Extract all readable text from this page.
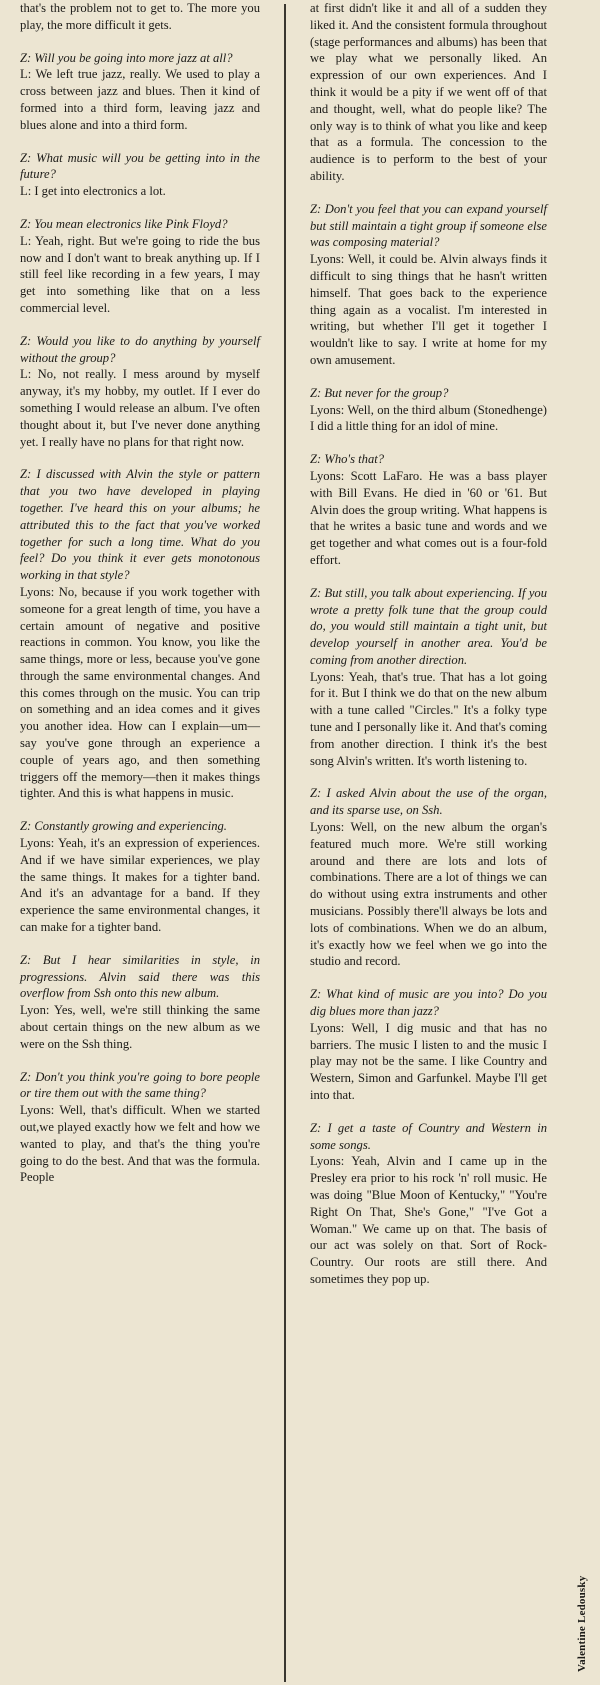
that's the problem not to get to. The more you play, the more difficult it gets.

Z: Will you be going into more jazz at all?

L: We left true jazz, really. We used to play a cross between jazz and blues. Then it kind of formed into a third form, leaving jazz and blues alone and into a third form.

Z: What music will you be getting into in the future?

L: I get into electronics a lot.

Z: You mean electronics like Pink Floyd?

L: Yeah, right. But we're going to ride the bus now and I don't want to break anything up. If I still feel like recording in a few years, I may get into something like that on a less commercial level.

Z: Would you like to do anything by yourself without the group?

L: No, not really. I mess around by myself anyway, it's my hobby, my outlet. If I ever do something I would release an album. I've often thought about it, but I've never done anything yet. I really have no plans for that right now.

Z: I discussed with Alvin the style or pattern that you two have developed in playing together. I've heard this on your albums; he attributed this to the fact that you've worked together for such a long time. What do you feel? Do you think it ever gets monotonous working in that style?

Lyons: No, because if you work together with someone for a great length of time, you have a certain amount of negative and positive reactions in common. You know, you like the same things, more or less, because you've gone through the same environmental changes. And this comes through on the music. You can trip on something and an idea comes and it gives you another idea. How can I explain—um—say you've gone through an experience a couple of years ago, and then something triggers off the memory—then it makes things tighter. And this is what happens in music.

Z: Constantly growing and experiencing.

Lyons: Yeah, it's an expression of experiences. And if we have similar experiences, we play the same things. It makes for a tighter band. And it's an advantage for a band. If they experience the same environmental changes, it can make for a tighter band.

Z: But I hear similarities in style, in progressions. Alvin said there was this overflow from Ssh onto this new album.

Lyon: Yes, well, we're still thinking the same about certain things on the new album as we were on the Ssh thing.

Z: Don't you think you're going to bore people or tire them out with the same thing?

Lyons: Well, that's difficult. When we started out,we played exactly how we felt and how we wanted to play, and that's the thing you're going to do the best. And that was the formula. People

at first didn't like it and all of a sudden they liked it. And the consistent formula throughout (stage performances and albums) has been that we play what we personally liked. An expression of our own experiences. And I think it would be a pity if we went off of that and thought, well, what do people like? The only way is to think of what you like and keep that as a formula. The concession to the audience is to perform to the best of your ability.

Z: Don't you feel that you can expand yourself but still maintain a tight group if someone else was composing material?

Lyons: Well, it could be. Alvin always finds it difficult to sing things that he hasn't written himself. That goes back to the experience thing again as a vocalist. I'm interested in writing, but whether I'll get it together I wouldn't like to say. I write at home for my own amusement.

Z: But never for the group?

Lyons: Well, on the third album (Stonedhenge) I did a little thing for an idol of mine.

Z: Who's that?

Lyons: Scott LaFaro. He was a bass player with Bill Evans. He died in '60 or '61. But Alvin does the group writing. What happens is that he writes a basic tune and words and we get together and what comes out is a four-fold effort.

Z: But still, you talk about experiencing. If you wrote a pretty folk tune that the group could do, you would still maintain a tight unit, but develop yourself in another area. You'd be coming from another direction.

Lyons: Yeah, that's true. That has a lot going for it. But I think we do that on the new album with a tune called "Circles." It's a folky type tune and I personally like it. And that's coming from another direction. I think it's the best song Alvin's written. It's worth listening to.

Z: I asked Alvin about the use of the organ, and its sparse use, on Ssh.

Lyons: Well, on the new album the organ's featured much more. We're still working around and there are lots and lots of combinations. There are a lot of things we can do without using extra instruments and other musicians. Possibly there'll always be lots and lots of combinations. When we do an album, it's exactly how we feel when we go into the studio and record.

Z: What kind of music are you into? Do you dig blues more than jazz?

Lyons: Well, I dig music and that has no barriers. The music I listen to and the music I play may not be the same. I like Country and Western, Simon and Garfunkel. Maybe I'll get into that.

Z: I get a taste of Country and Western in some songs.

Lyons: Yeah, Alvin and I came up in the Presley era prior to his rock 'n' roll music. He was doing "Blue Moon of Kentucky," "You're Right On That, She's Gone," "I've Got a Woman." We came up on that. The basis of our act was solely on that. Sort of Rock-Country. Our roots are still there. And sometimes they pop up.

Valentine Ledousky
